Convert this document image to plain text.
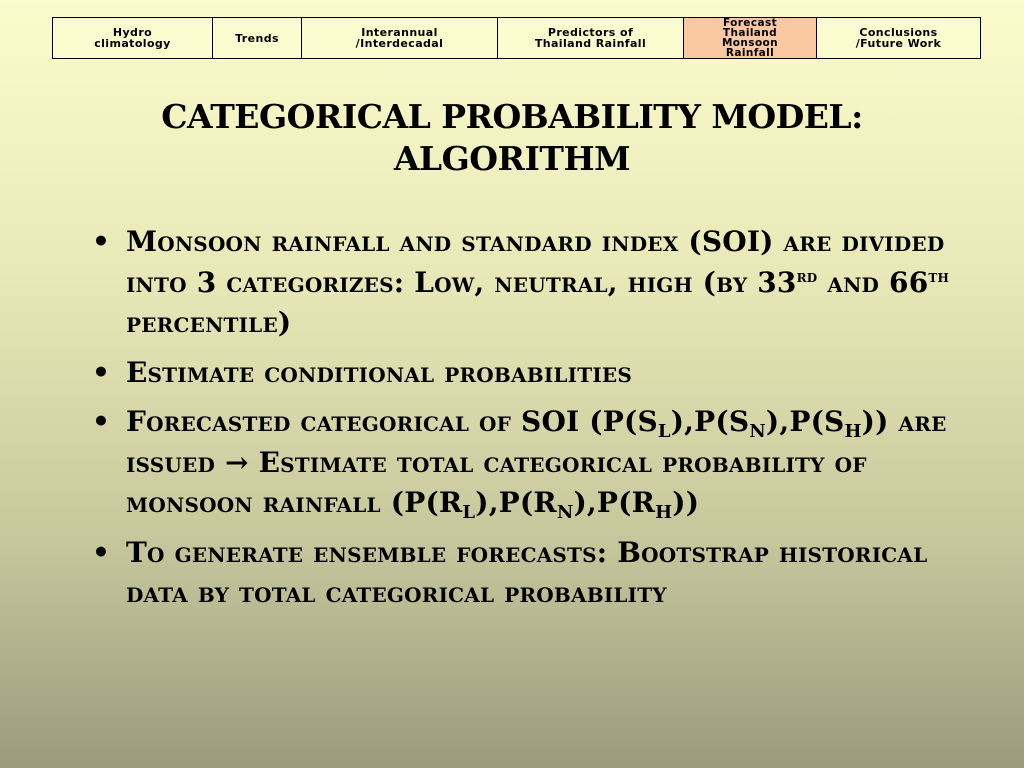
Hydro
climatology	Trends	Interannual
/Interdecadal
Predictors of
Thailand Rainfall
Forecast
Thailand
Monsoon
Rainfall
Conclusions
/Future Work
CATEGORICAL PROBABILITY MODEL:
ALGORITHM
• Monsoon rainfall and standard index (SOI) are divided into 3 categorizes: Low, neutral, high (by 33rd and 66th percentile)
• Estimate conditional probabilities
• Forecasted categorical of SOI $(P(S_L),P(S_N),P(S_H))$ are issued → Estimate total categorical probability of monsoon rainfall $(P(R_L),P(R_N),P(R_H))$
• To generate ensemble forecasts: Bootstrap historical data by total categorical probability
